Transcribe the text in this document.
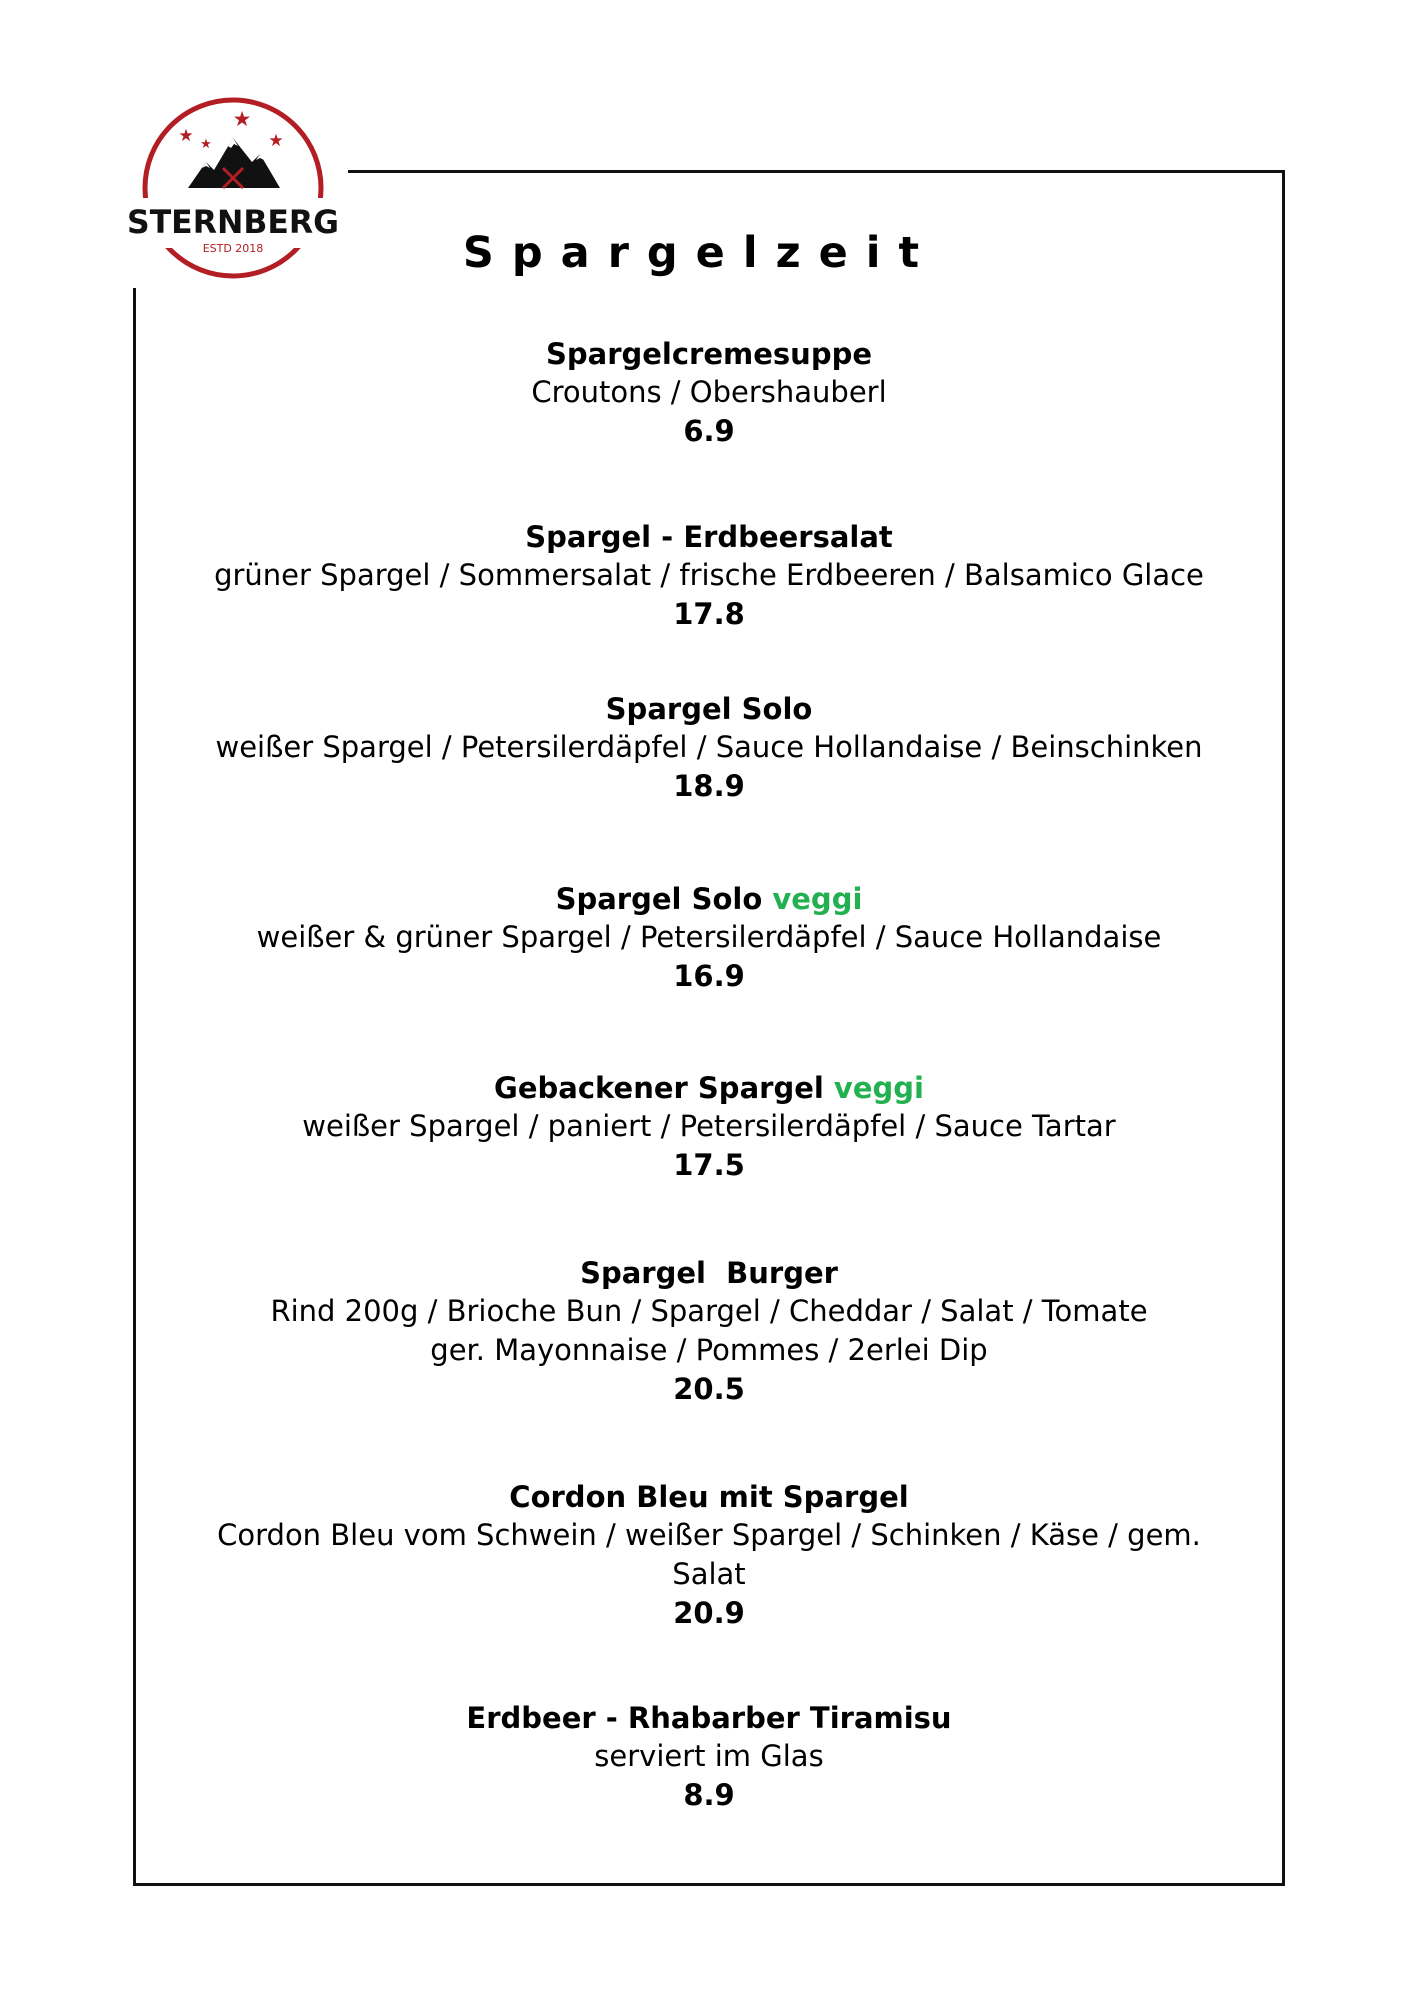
★ ★
★
★
STERNBERG
ESTD 2018	Spargelzeit
Spargelcremesuppe
Croutons / Obershauberl
6.9
Spargel - Erdbeersalat
grüner Spargel / Sommersalat / frische Erdbeeren / Balsamico Glace
17.8
Spargel Solo
weißer Spargel / Petersilerdäpfel / Sauce Hollandaise / Beinschinken
18.9
Spargel Solo veggi
weißer & grüner Spargel / Petersilerdäpfel / Sauce Hollandaise
16.9
Gebackener Spargel veggi
weißer Spargel / paniert / Petersilerdäpfel / Sauce Tartar
17.5
Spargel  Burger
Rind 200g / Brioche Bun / Spargel / Cheddar / Salat / Tomate
ger. Mayonnaise / Pommes / 2erlei Dip
20.5
Cordon Bleu mit Spargel
Cordon Bleu vom Schwein / weißer Spargel / Schinken / Käse / gem. Salat
20.9
Erdbeer - Rhabarber Tiramisu
serviert im Glas
8.9
